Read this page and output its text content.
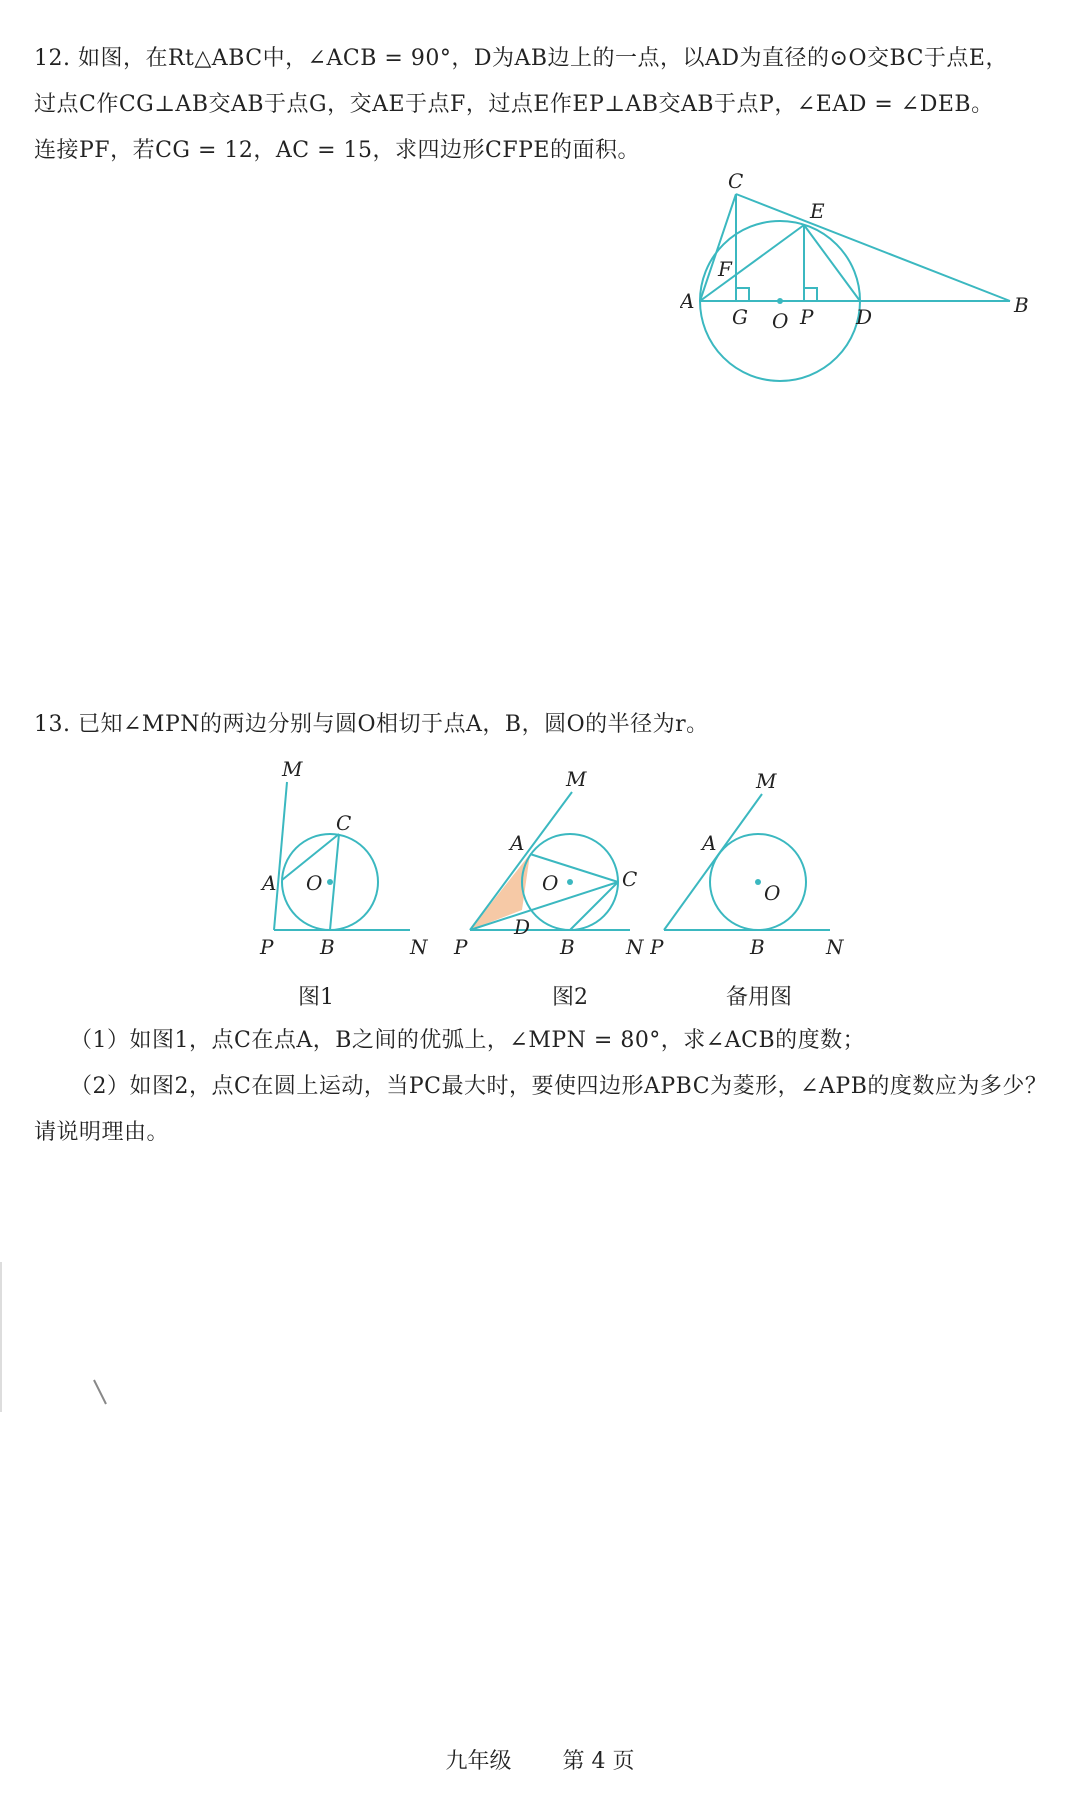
12. 如图，在Rt△ABC中，∠ACB = 90°，D为AB边上的一点，以AD为直径的⊙O交BC于点E，
过点C作CG⊥AB交AB于点G，交AE于点F，过点E作EP⊥AB交AB于点P，∠EAD = ∠DEB。
连接PF，若CG = 12，AC = 15，求四边形CFPE的面积。
C
E
F
A
G O P D	B
13. 已知∠MPN的两边分别与圆O相切于点A，B，圆O的半径为r。
M
C
A O
P B	N
图1
M
A
O	C
D
P	B	N
图2
M
A
O
P	B	N
备用图
（1）如图1，点C在点A，B之间的优弧上，∠MPN = 80°，求∠ACB的度数；
（2）如图2，点C在圆上运动，当PC最大时，要使四边形APBC为菱形，∠APB的度数应为多少？
请说明理由。
九年级 第 4 页
